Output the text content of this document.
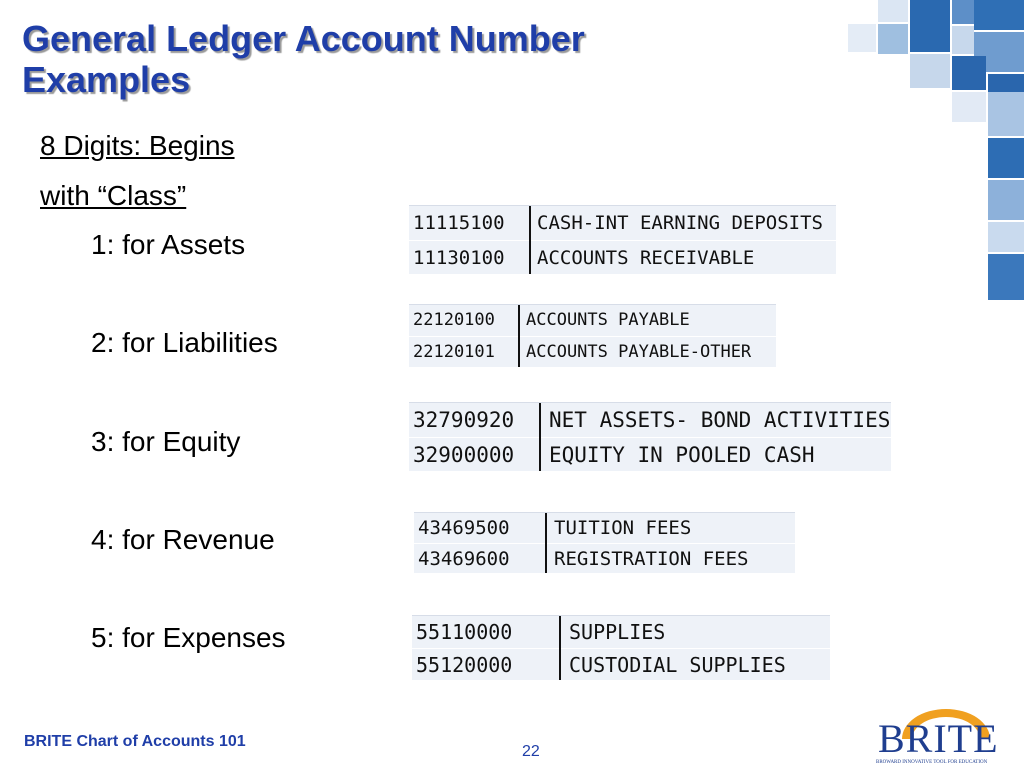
General Ledger Account Number
Examples
8 Digits: Begins
with “Class”
1: for Assets
2: for Liabilities
3: for Equity
4: for Revenue
5: for Expenses
11115100 CASH-INT EARNING DEPOSITS
11130100 ACCOUNTS RECEIVABLE
22120100 ACCOUNTS PAYABLE
22120101 ACCOUNTS PAYABLE-OTHER
32790920 NET ASSETS- BOND ACTIVITIES
32900000 EQUITY IN POOLED CASH
43469500 TUITION FEES
43469600 REGISTRATION FEES
55110000	SUPPLIES
55120000	CUSTODIAL SUPPLIES
BRITE Chart of Accounts 101
22	BRITE
BROWARD INNOVATIVE TOOL FOR EDUCATION
